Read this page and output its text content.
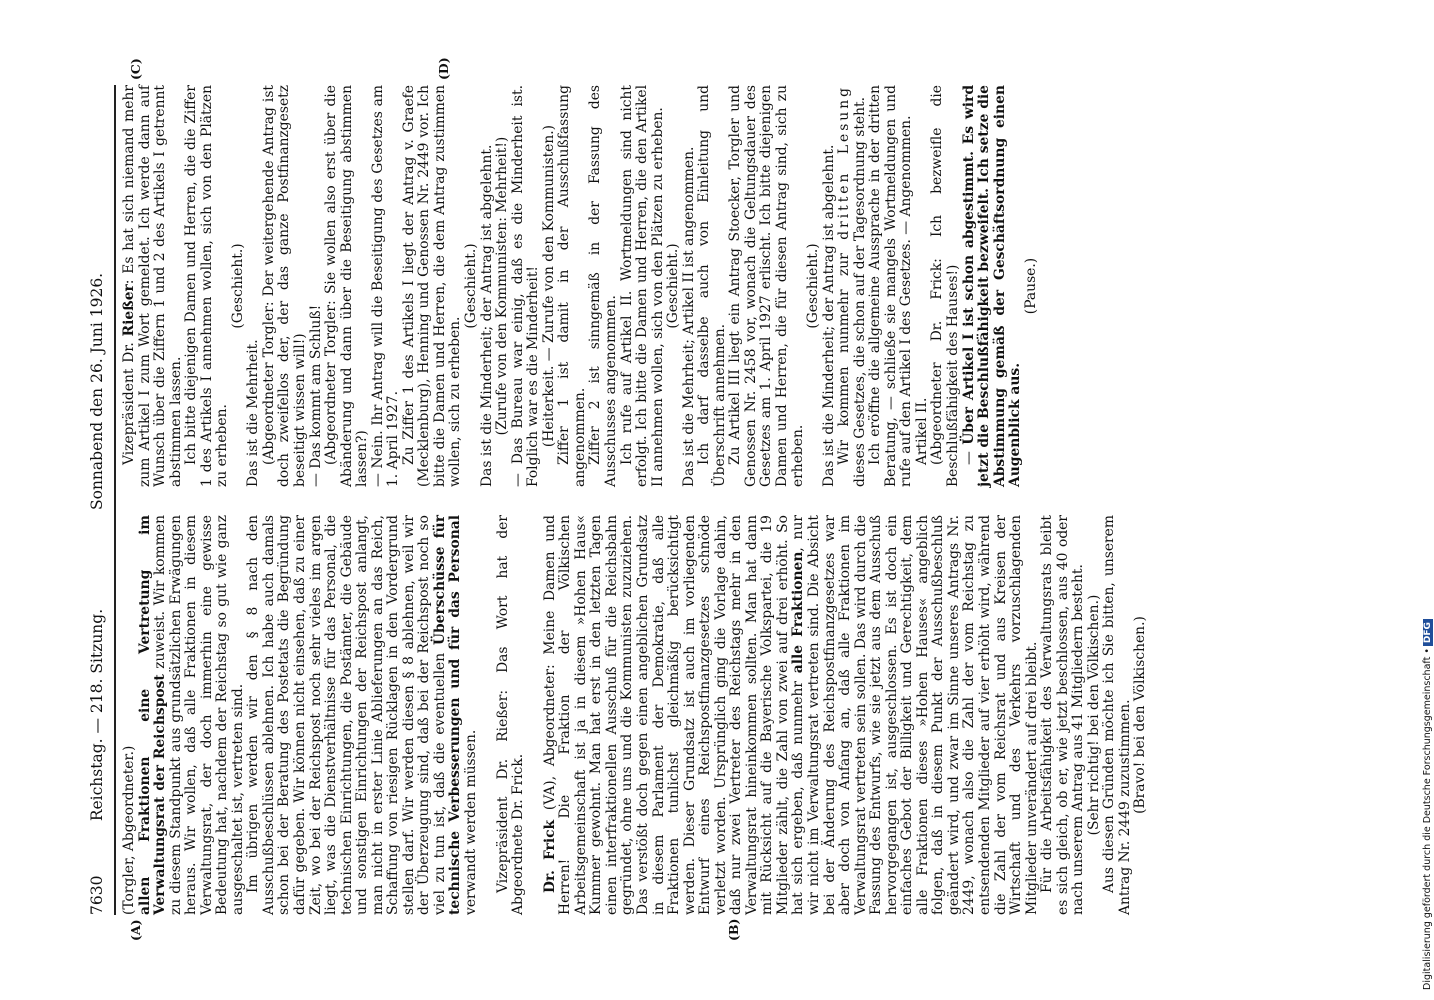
7630
Reichstag. — 218. Sitzung.
Sonnabend den 26. Juni 1926.
(A)	(B)
(C)	(D)

(Torgler, Abgeordneter.) allen Fraktionen eine Vertretung im Verwaltungsrat der Reichspost zuweist. Wir kommen zu diesem Standpunkt aus grundsätzlichen Erwägungen heraus. Wir wollen, daß alle Fraktionen in diesem Verwaltungsrat, der doch immerhin eine gewisse Bedeutung hat, nachdem der Reichstag so gut wie ganz ausgeschaltet ist, vertreten sind. Im übrigen werden wir den § 8 nach den Ausschußbeschlüssen ablehnen. Ich habe auch damals schon bei der Beratung des Postetats die Begründung dafür gegeben. Wir können nicht einsehen, daß zu einer Zeit, wo bei der Reichspost noch sehr vieles im argen liegt, was die Dienstverhältnisse für das Personal, die technischen Einrichtungen, die Postämter, die Gebäude und sonstigen Einrichtungen der Reichspost anlangt, man nicht in erster Linie Ablieferungen an das Reich, Schaffung von riesigen Rücklagen in den Vordergrund stellen darf. Wir werden diesen § 8 ablehnen, weil wir der Überzeugung sind, daß bei der Reichspost noch so viel zu tun ist, daß die eventuellen Überschüsse für technische Verbesserungen und für das Personal verwandt werden müssen. Vizepräsident Dr. Rießer: Das Wort hat der Abgeordnete Dr. Frick. Dr. Frick (VA), Abgeordneter: Meine Damen und Herren! Die Fraktion der Völkischen Arbeitsgemeinschaft ist ja in diesem »Hohen Haus« Kummer gewohnt. Man hat erst in den letzten Tagen einen interfraktionellen Ausschuß für die Reichsbahn gegründet, ohne uns und die Kommunisten zuzuziehen. Das verstößt doch gegen einen angeblichen Grundsatz in diesem Parlament der Demokratie, daß alle Fraktionen tunlichst gleichmäßig berücksichtigt werden. Dieser Grundsatz ist auch im vorliegenden Entwurf eines Reichspostfinanzgesetzes schnöde verletzt worden. Ursprünglich ging die Vorlage dahin, daß nur zwei Vertreter des Reichstags mehr in den Verwaltungsrat hineinkommen sollten. Man hat dann mit Rücksicht auf die Bayerische Volkspartei, die 19 Mitglieder zählt, die Zahl von zwei auf drei erhöht. So hat sich ergeben, daß nunmehr alle Fraktionen, nur wir nicht im Verwaltungsrat vertreten sind. Die Absicht bei der Änderung des Reichspostfinanzgesetzes war aber doch von Anfang an, daß alle Fraktionen im Verwaltungsrat vertreten sein sollen. Das wird durch die Fassung des Entwurfs, wie sie jetzt aus dem Ausschuß hervorgegangen ist, ausgeschlossen. Es ist doch ein einfaches Gebot der Billigkeit und Gerechtigkeit, dem alle Fraktionen dieses »Hohen Hauses« angeblich folgen, daß in diesem Punkt der Ausschußbeschluß geändert wird, und zwar im Sinne unseres Antrags Nr. 2449, wonach also die Zahl der vom Reichstag zu entsendenden Mitglieder auf vier erhöht wird, während die Zahl der vom Reichsrat und aus Kreisen der Wirtschaft und des Verkehrs vorzuschlagenden Mitglieder unverändert auf drei bleibt. Für die Arbeitsfähigkeit des Verwaltungsrats bleibt es sich gleich, ob er, wie jetzt beschlossen, aus 40 oder nach unserem Antrag aus 41 Mitgliedern besteht. (Sehr richtig! bei den Völkischen.) Aus diesen Gründen möchte ich Sie bitten, unserem Antrag Nr. 2449 zuzustimmen. (Bravo! bei den Völkischen.)

Vizepräsident Dr. Rießer: Es hat sich niemand mehr zum Artikel I zum Wort gemeldet. Ich werde dann auf Wunsch über die Ziffern 1 und 2 des Artikels I getrennt abstimmen lassen. Ich bitte diejenigen Damen und Herren, die die Ziffer 1 des Artikels I annehmen wollen, sich von den Plätzen zu erheben.

(Geschieht.)

Das ist die Mehrheit. (Abgeordneter Torgler: Der weitergehende Antrag ist doch zweifellos der, der das ganze Postfinanzgesetz beseitigt wissen will!) — Das kommt am Schluß! (Abgeordneter Torgler: Sie wollen also erst über die Abänderung und dann über die Beseitigung abstimmen lassen?) — Nein. Ihr Antrag will die Beseitigung des Gesetzes am 1. April 1927. Zu Ziffer 1 des Artikels I liegt der Antrag v. Graefe (Mecklenburg), Henning und Genossen Nr. 2449 vor. Ich bitte die Damen und Herren, die dem Antrag zustimmen wollen, sich zu erheben.

(Geschieht.) Das ist die Minderheit; der Antrag ist abgelehnt. (Zurufe von den Kommunisten: Mehrheit!) — Das Bureau war einig, daß es die Minderheit ist. Folglich war es die Minderheit! (Heiterkeit. — Zurufe von den Kommunisten.) Ziffer 1 ist damit in der Ausschußfassung angenommen. Ziffer 2 ist sinngemäß in der Fassung des Ausschusses angenommen. Ich rufe auf Artikel II. Wortmeldungen sind nicht erfolgt. Ich bitte die Damen und Herren, die den Artikel II annehmen wollen, sich von den Plätzen zu erheben. (Geschieht.) Das ist die Mehrheit; Artikel II ist angenommen. Ich darf dasselbe auch von Einleitung und Überschrift annehmen. Zu Artikel III liegt ein Antrag Stoecker, Torgler und Genossen Nr. 2458 vor, wonach die Geltungsdauer des Gesetzes am 1. April 1927 erlischt. Ich bitte diejenigen Damen und Herren, die für diesen Antrag sind, sich zu erheben.

(Geschieht.) Das ist die Minderheit; der Antrag ist abgelehnt. Wir kommen nunmehr zur dritten Lesung dieses Gesetzes, die schon auf der Tagesordnung steht. Ich eröffne die allgemeine Aussprache in der dritten Beratung, — schließe sie mangels Wortmeldungen und rufe auf den Artikel I des Gesetzes. — Angenommen. Artikel II. (Abgeordneter Dr. Frick: Ich bezweifle die Beschlußfähigkeit des Hauses!) — Über Artikel I ist schon abgestimmt. Es wird jetzt die Beschlußfähigkeit bezweifelt. Ich setze die Abstimmung gemäß der Geschäftsordnung einen Augenblick aus.

(Pause.)

Digitalisierung gefördert durch die Deutsche Forschungsgemeinschaft •DFG
